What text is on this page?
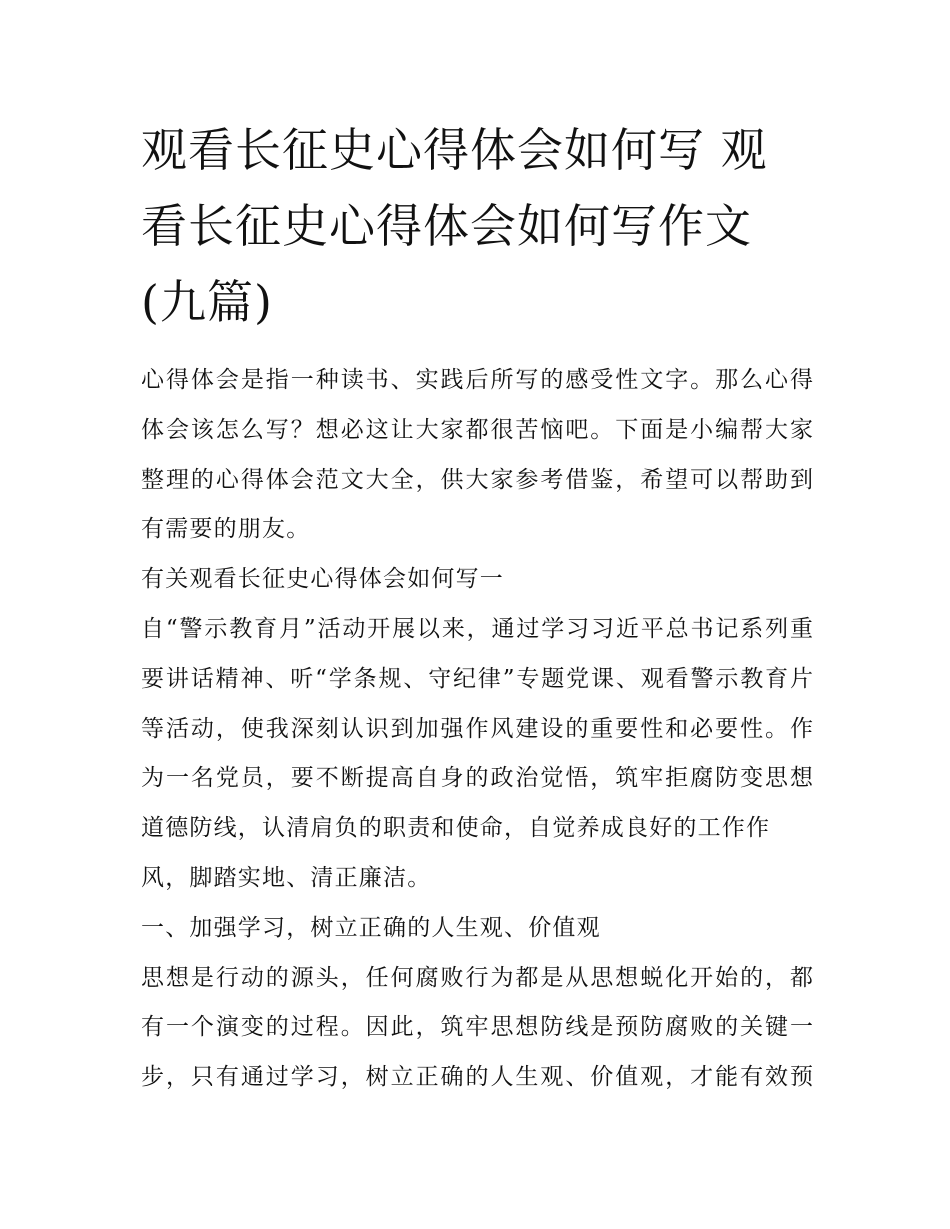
观看长征史心得体会如何写 观
看长征史心得体会如何写作文
(九篇)
心得体会是指一种读书、实践后所写的感受性文字。那么心得
体会该怎么写？想必这让大家都很苦恼吧。下面是小编帮大家
整理的心得体会范文大全，供大家参考借鉴，希望可以帮助到
有需要的朋友。
有关观看长征史心得体会如何写一
自“警示教育月”活动开展以来，通过学习习近平总书记系列重
要讲话精神、听“学条规、守纪律”专题党课、观看警示教育片
等活动，使我深刻认识到加强作风建设的重要性和必要性。作
为一名党员，要不断提高自身的政治觉悟，筑牢拒腐防变思想
道德防线，认清肩负的职责和使命，自觉养成良好的工作作
风，脚踏实地、清正廉洁。
一、加强学习，树立正确的人生观、价值观
思想是行动的源头，任何腐败行为都是从思想蜕化开始的，都
有一个演变的过程。因此，筑牢思想防线是预防腐败的关键一
步，只有通过学习，树立正确的人生观、价值观，才能有效预
